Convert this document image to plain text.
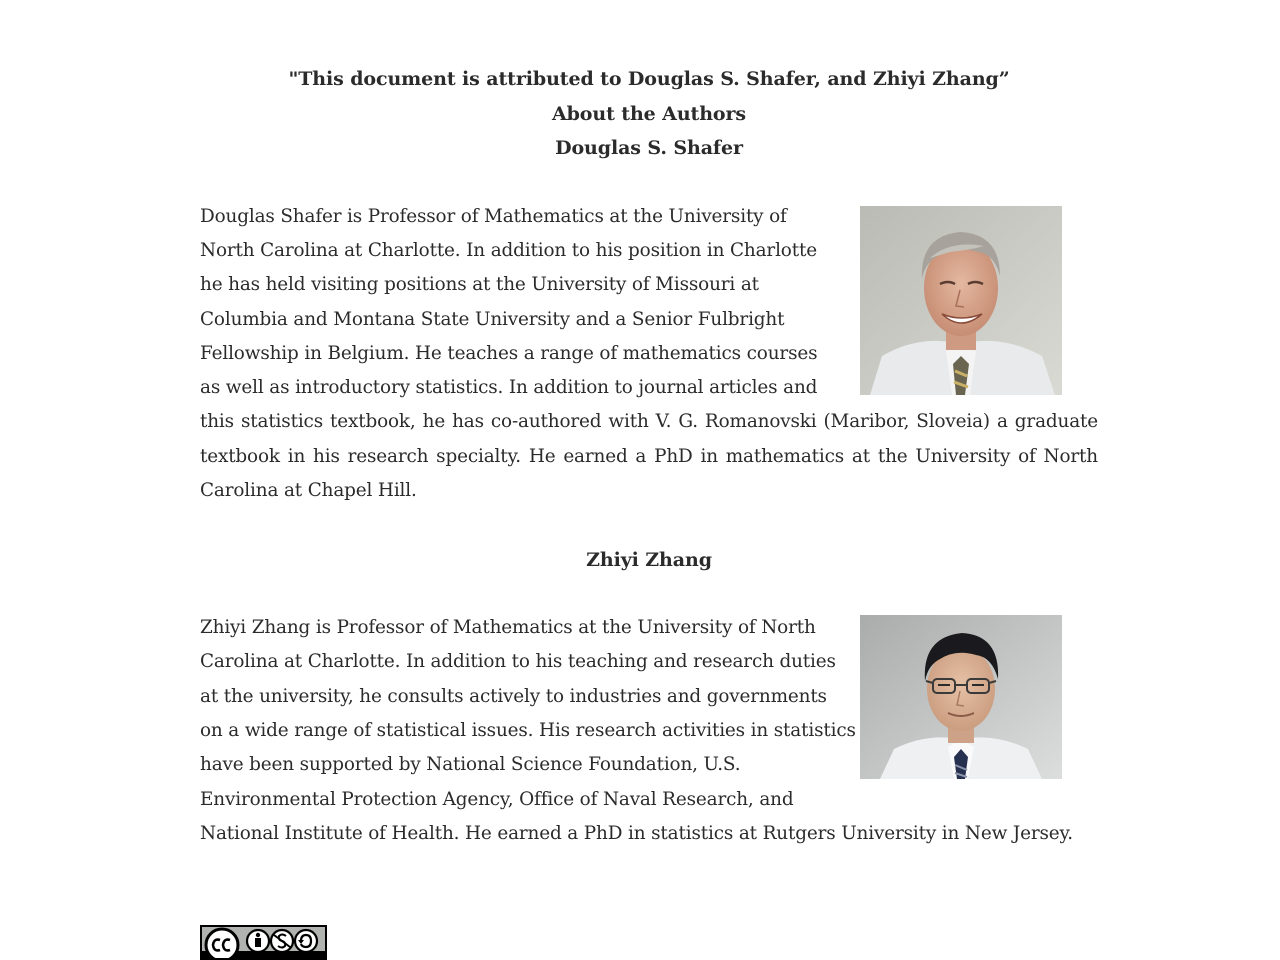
"This document is attributed to Douglas S. Shafer, and Zhiyi Zhang”
About the Authors
Douglas S. Shafer
Douglas Shafer is Professor of Mathematics at the University of
North Carolina at Charlotte. In addition to his position in Charlotte
he has held visiting positions at the University of Missouri at
Columbia and Montana State University and a Senior Fulbright
Fellowship in Belgium. He teaches a range of mathematics courses
as well as introductory statistics. In addition to journal articles and
this statistics textbook, he has co-authored with V. G. Romanovski (Maribor, Sloveia) a graduate
textbook in his research specialty. He earned a PhD in mathematics at the University of North
Carolina at Chapel Hill.
Zhiyi Zhang
Zhiyi Zhang is Professor of Mathematics at the University of North
Carolina at Charlotte. In addition to his teaching and research duties
at the university, he consults actively to industries and governments
on a wide range of statistical issues. His research activities in statistics
have been supported by National Science Foundation, U.S.
Environmental Protection Agency, Office of Naval Research, and
National Institute of Health. He earned a PhD in statistics at Rutgers University in New Jersey.
